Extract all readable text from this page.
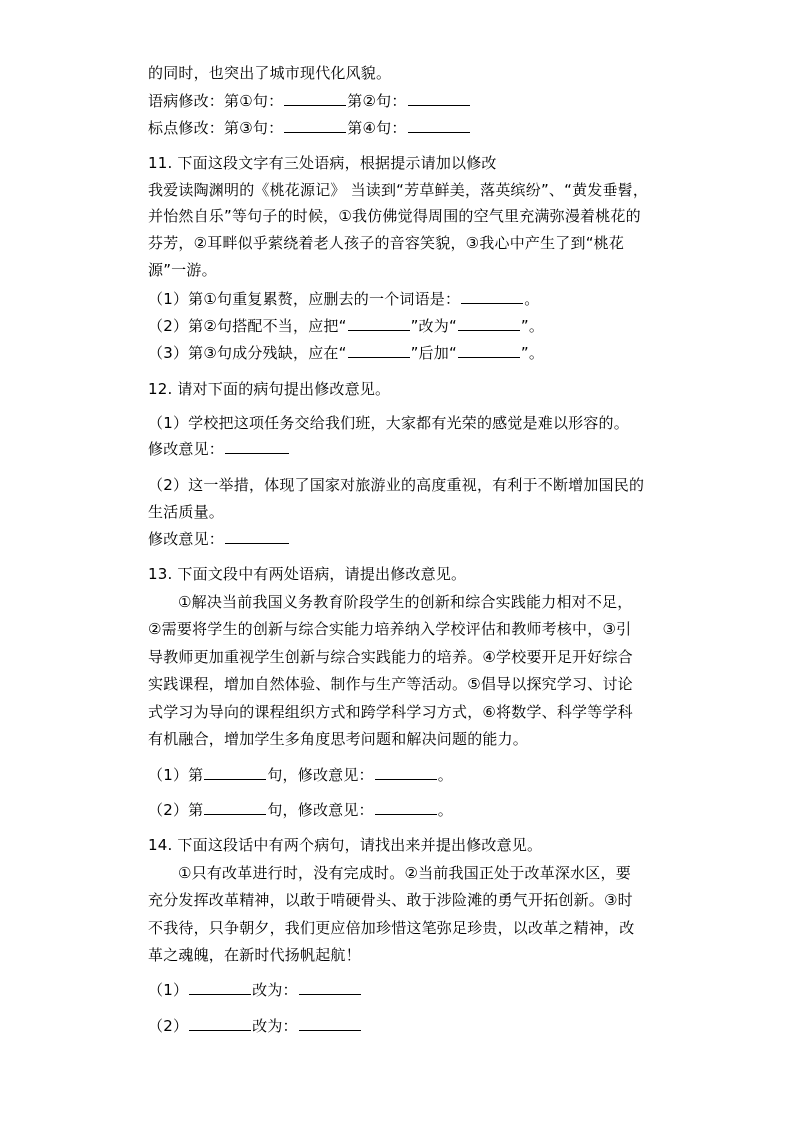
的同时，也突出了城市现代化风貌。
语病修改：第①句：	第②句：
标点修改：第③句：	第④句：
11. 下面这段文字有三处语病，根据提示请加以修改
我爱读陶渊明的《桃花源记》 当读到“芳草鲜美，落英缤纷”、“黄发垂髫，
并怡然自乐”等句子的时候，①我仿佛觉得周围的空气里充满弥漫着桃花的
芬芳，②耳畔似乎萦绕着老人孩子的音容笑貌，③我心中产生了到“桃花
源”一游。
（1）第①句重复累赘，应删去的一个词语是：	。
（2）第②句搭配不当，应把“	”改为“	”。
（3）第③句成分残缺，应在“	”后加“	”。
12. 请对下面的病句提出修改意见。
（1）学校把这项任务交给我们班，大家都有光荣的感觉是难以形容的。
修改意见：
（2）这一举措，体现了国家对旅游业的高度重视，有利于不断增加国民的
生活质量。
修改意见：
13. 下面文段中有两处语病，请提出修改意见。
①解决当前我国义务教育阶段学生的创新和综合实践能力相对不足，
②需要将学生的创新与综合实能力培养纳入学校评估和教师考核中，③引
导教师更加重视学生创新与综合实践能力的培养。④学校要开足开好综合
实践课程，增加自然体验、制作与生产等活动。⑤倡导以探究学习、讨论
式学习为导向的课程组织方式和跨学科学习方式，⑥将数学、科学等学科
有机融合，增加学生多角度思考问题和解决问题的能力。
（1）第	句，修改意见：	。
（2）第	句，修改意见：	。
14. 下面这段话中有两个病句，请找出来并提出修改意见。
①只有改革进行时，没有完成时。②当前我国正处于改革深水区，要
充分发挥改革精神，以敢于啃硬骨头、敢于涉险滩的勇气开拓创新。③时
不我待，只争朝夕，我们更应倍加珍惜这笔弥足珍贵，以改革之精神，改
革之魂魄，在新时代扬帆起航！
（1）	改为：
（2）	改为：
